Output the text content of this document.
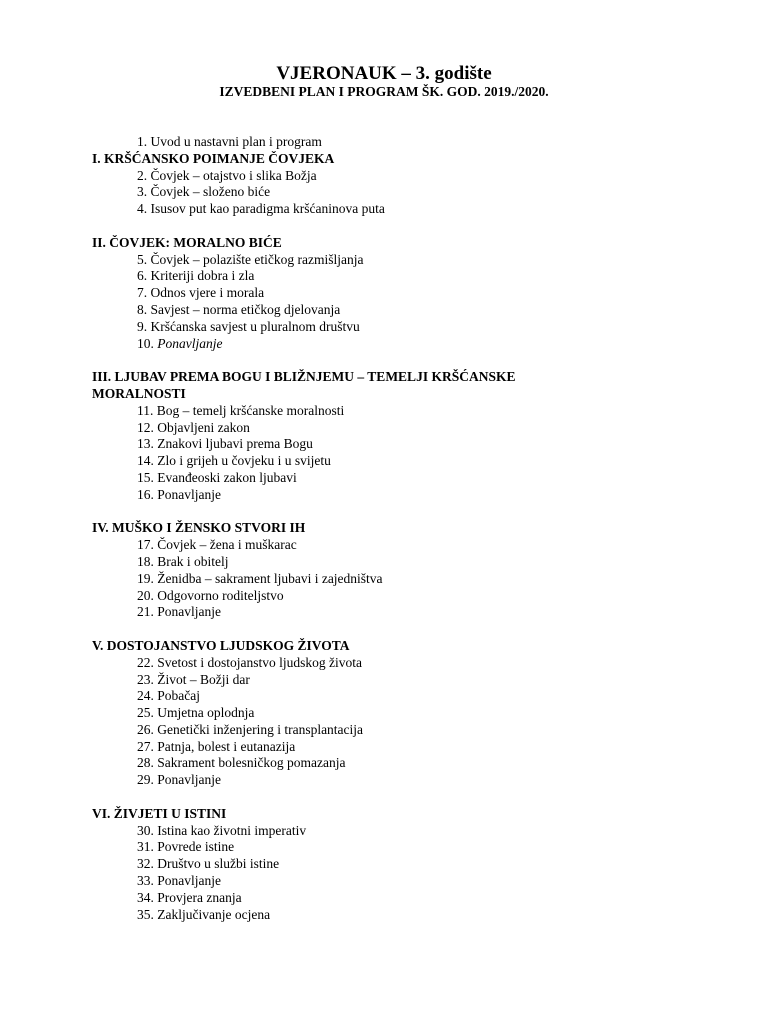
VJERONAUK – 3. godište
IZVEDBENI PLAN I PROGRAM ŠK. GOD. 2019./2020.
1. Uvod u nastavni plan i program
I. KRŠĆANSKO POIMANJE ČOVJEKA
2. Čovjek – otajstvo i slika Božja
3. Čovjek – složeno biće
4. Isusov put kao paradigma kršćaninova puta
II. ČOVJEK: MORALNO BIĆE
5. Čovjek – polazište etičkog razmišljanja
6. Kriteriji dobra i zla
7. Odnos vjere i morala
8. Savjest – norma etičkog djelovanja
9. Kršćanska savjest u pluralnom društvu
10. Ponavljanje
III. LJUBAV PREMA BOGU I BLIŽNJEMU – TEMELJI KRŠĆANSKE MORALNOSTI
11. Bog – temelj kršćanske moralnosti
12. Objavljeni zakon
13. Znakovi ljubavi prema Bogu
14. Zlo i grijeh u čovjeku i u svijetu
15. Evanđeoski zakon ljubavi
16. Ponavljanje
IV. MUŠKO I ŽENSKO STVORI IH
17. Čovjek – žena i muškarac
18. Brak i obitelj
19. Ženidba – sakrament ljubavi i zajedništva
20. Odgovorno roditeljstvo
21. Ponavljanje
V. DOSTOJANSTVO LJUDSKOG ŽIVOTA
22. Svetost i dostojanstvo ljudskog života
23. Život – Božji dar
24. Pobačaj
25. Umjetna oplodnja
26. Genetički inženjering i transplantacija
27. Patnja, bolest i eutanazija
28. Sakrament bolesničkog pomazanja
29. Ponavljanje
VI. ŽIVJETI U ISTINI
30. Istina kao životni imperativ
31. Povrede istine
32. Društvo u službi istine
33. Ponavljanje
34. Provjera znanja
35. Zaključivanje ocjena
